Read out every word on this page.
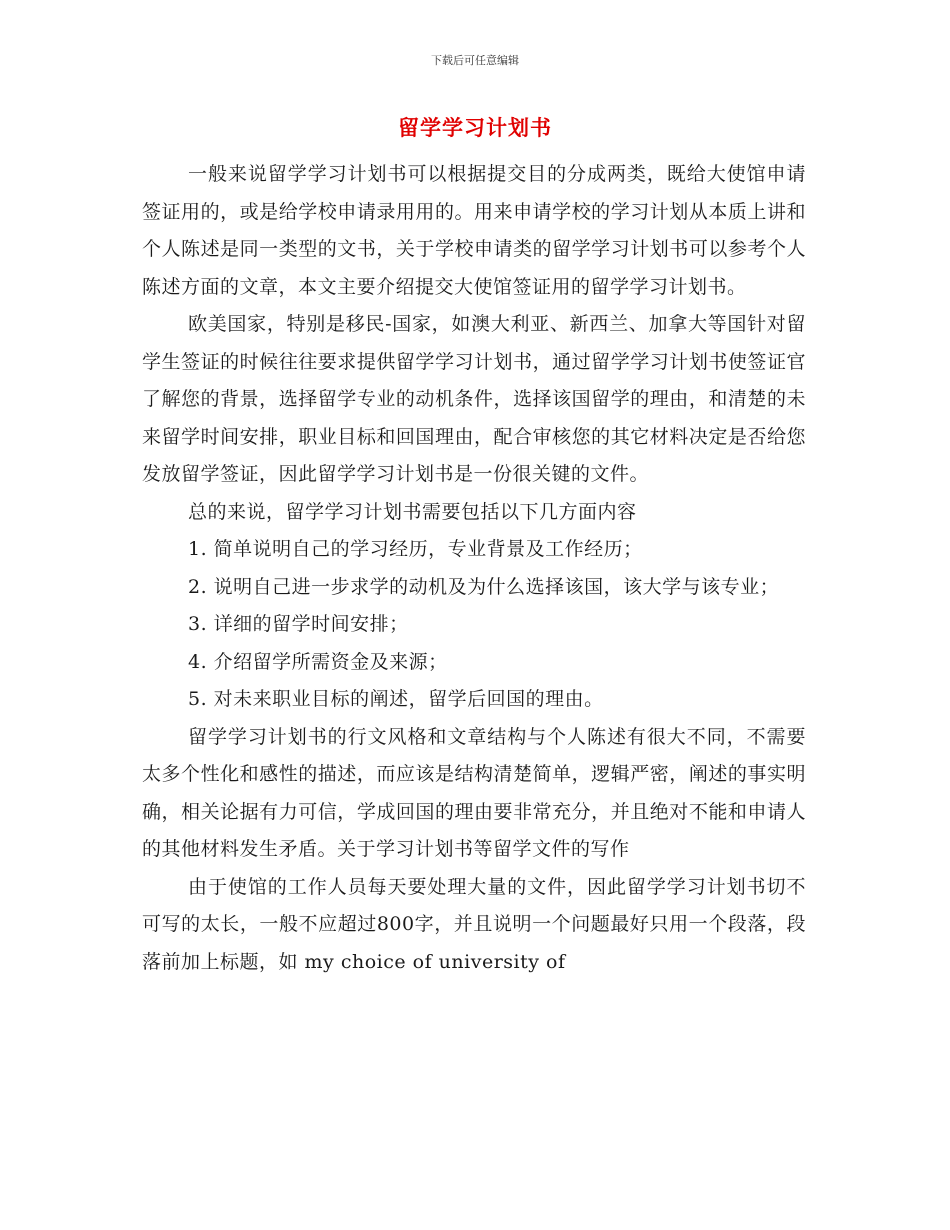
下载后可任意编辑
留学学习计划书

一般来说留学学习计划书可以根据提交目的分成两类，既给大使馆申请签证用的，或是给学校申请录用用的。用来申请学校的学习计划从本质上讲和个人陈述是同一类型的文书，关于学校申请类的留学学习计划书可以参考个人陈述方面的文章，本文主要介绍提交大使馆签证用的留学学习计划书。

欧美国家，特别是移民-国家，如澳大利亚、新西兰、加拿大等国针对留学生签证的时候往往要求提供留学学习计划书，通过留学学习计划书使签证官了解您的背景，选择留学专业的动机条件，选择该国留学的理由，和清楚的未来留学时间安排，职业目标和回国理由，配合审核您的其它材料决定是否给您发放留学签证，因此留学学习计划书是一份很关键的文件。

总的来说，留学学习计划书需要包括以下几方面内容

1. 简单说明自己的学习经历，专业背景及工作经历；

2. 说明自己进一步求学的动机及为什么选择该国，该大学与该专业；

3. 详细的留学时间安排；

4. 介绍留学所需资金及来源；

5. 对未来职业目标的阐述，留学后回国的理由。

留学学习计划书的行文风格和文章结构与个人陈述有很大不同，不需要太多个性化和感性的描述，而应该是结构清楚简单，逻辑严密，阐述的事实明确，相关论据有力可信，学成回国的理由要非常充分，并且绝对不能和申请人的其他材料发生矛盾。关于学习计划书等留学文件的写作

由于使馆的工作人员每天要处理大量的文件，因此留学学习计划书切不可写的太长，一般不应超过800字，并且说明一个问题最好只用一个段落，段落前加上标题，如 my choice of university of
